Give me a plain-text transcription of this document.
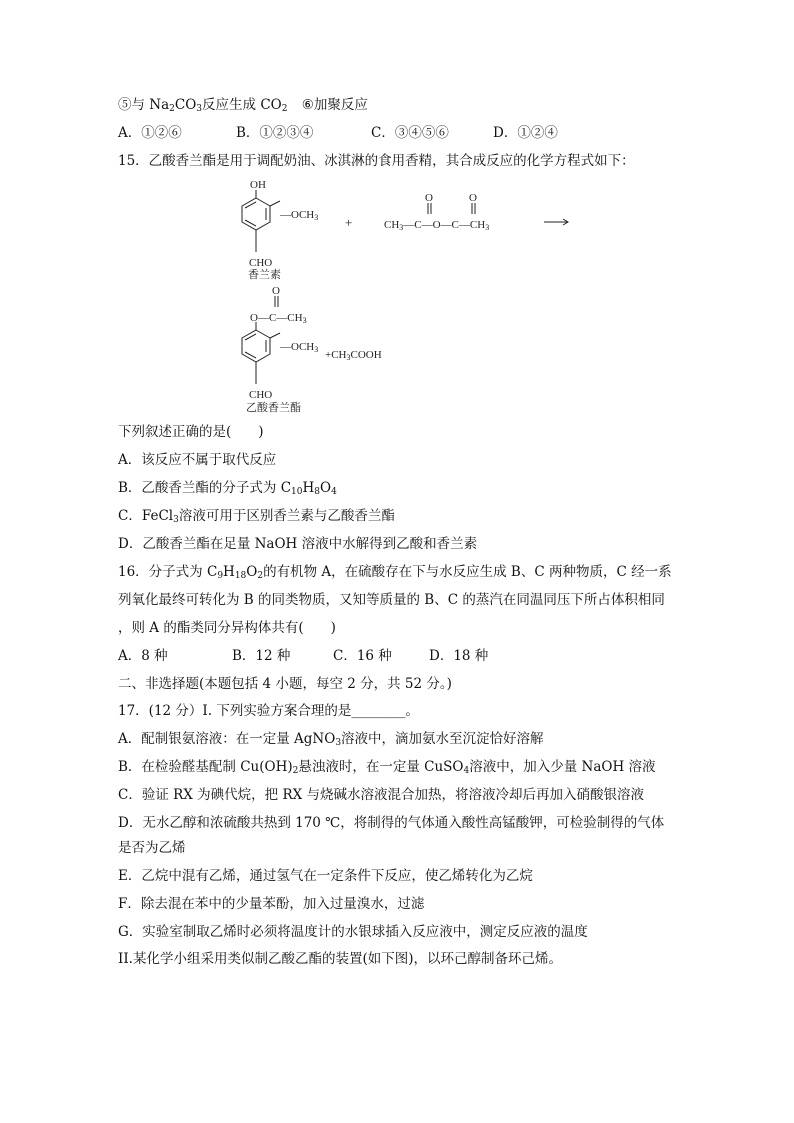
⑤与 $Na_2CO_3$反应生成 $CO_2$ ⑥加聚反应
A．①②⑥	B．①②③④	C．③④⑤⑥	D．①②④
15．乙酸香兰酯是用于调配奶油、冰淇淋的食用香精，其合成反应的化学方程式如下：
OH
—OCH3
CHO
香兰素
+
O	O
CH3—C—O—C—CH3
O
O—C—CH3
—OCH3 +CH3COOH
CHO
乙酸香兰酯
下列叙述正确的是(　　)
A．该反应不属于取代反应
B．乙酸香兰酯的分子式为 $C_{10}H_8O_4$
C．FeCl$_3$溶液可用于区别香兰素与乙酸香兰酯
D．乙酸香兰酯在足量 NaOH 溶液中水解得到乙酸和香兰素
16．分子式为 $C_9H_{18}O_2$的有机物 A，在硫酸存在下与水反应生成 B、C 两种物质，C 经一系
列氧化最终可转化为 B 的同类物质，又知等质量的 B、C 的蒸汽在同温同压下所占体积相同
，则 A 的酯类同分异构体共有(　　)
A．8 种	B．12 种	C．16 种	D．18 种
二、非选择题(本题包括 4 小题，每空 2 分，共 52 分。)
17．(12 分）I. 下列实验方案合理的是________。
A．配制银氨溶液：在一定量 AgNO$_3$溶液中，滴加氨水至沉淀恰好溶解
B．在检验醛基配制 $Cu(OH)_2$悬浊液时，在一定量 CuSO$_4$溶液中，加入少量 NaOH 溶液
C．验证 RX 为碘代烷，把 RX 与烧碱水溶液混合加热，将溶液冷却后再加入硝酸银溶液
D．无水乙醇和浓硫酸共热到 170 ℃，将制得的气体通入酸性高锰酸钾，可检验制得的气体
是否为乙烯
E．乙烷中混有乙烯，通过氢气在一定条件下反应，使乙烯转化为乙烷
F．除去混在苯中的少量苯酚，加入过量溴水，过滤
G．实验室制取乙烯时必须将温度计的水银球插入反应液中，测定反应液的温度
II.某化学小组采用类似制乙酸乙酯的装置(如下图)，以环己醇制备环己烯。
